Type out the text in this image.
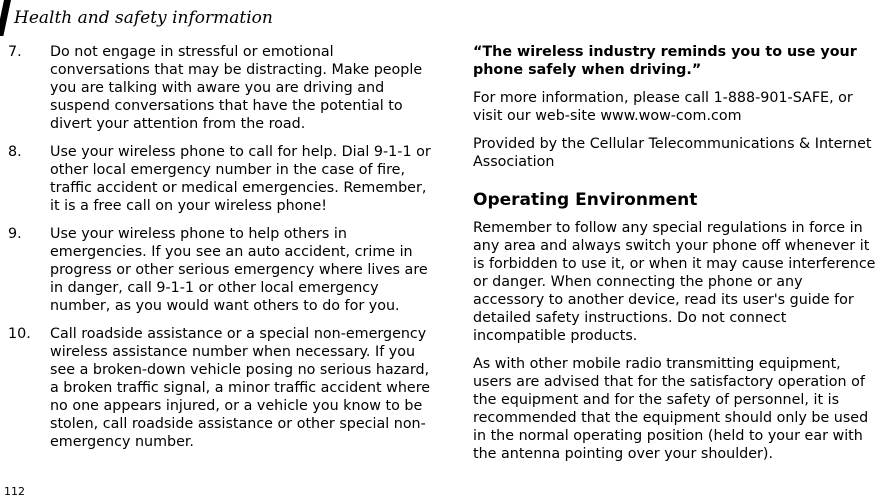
Health and safety information
7.	Do not engage in stressful or emotional conversations that may be distracting. Make people you are talking with aware you are driving and suspend conversations that have the potential to divert your attention from the road.
8.	Use your wireless phone to call for help. Dial 9-1-1 or other local emergency number in the case of fire, traffic accident or medical emergencies. Remember, it is a free call on your wireless phone!
9.	Use your wireless phone to help others in emergencies. If you see an auto accident, crime in progress or other serious emergency where lives are in danger, call 9-1-1 or other local emergency number, as you would want others to do for you.
10.	Call roadside assistance or a special non-emergency wireless assistance number when necessary. If you see a broken-down vehicle posing no serious hazard, a broken traffic signal, a minor traffic accident where no one appears injured, or a vehicle you know to be stolen, call roadside assistance or other special non-emergency number.

“The wireless industry reminds you to use your phone safely when driving.”

For more information, please call 1-888-901-SAFE, or visit our web-site www.wow-com.com

Provided by the Cellular Telecommunications & Internet Association

Operating Environment

Remember to follow any special regulations in force in any area and always switch your phone off whenever it is forbidden to use it, or when it may cause interference or danger. When connecting the phone or any accessory to another device, read its user's guide for detailed safety instructions. Do not connect incompatible products.

As with other mobile radio transmitting equipment, users are advised that for the satisfactory operation of the equipment and for the safety of personnel, it is recommended that the equipment should only be used in the normal operating position (held to your ear with the antenna pointing over your shoulder).

112
